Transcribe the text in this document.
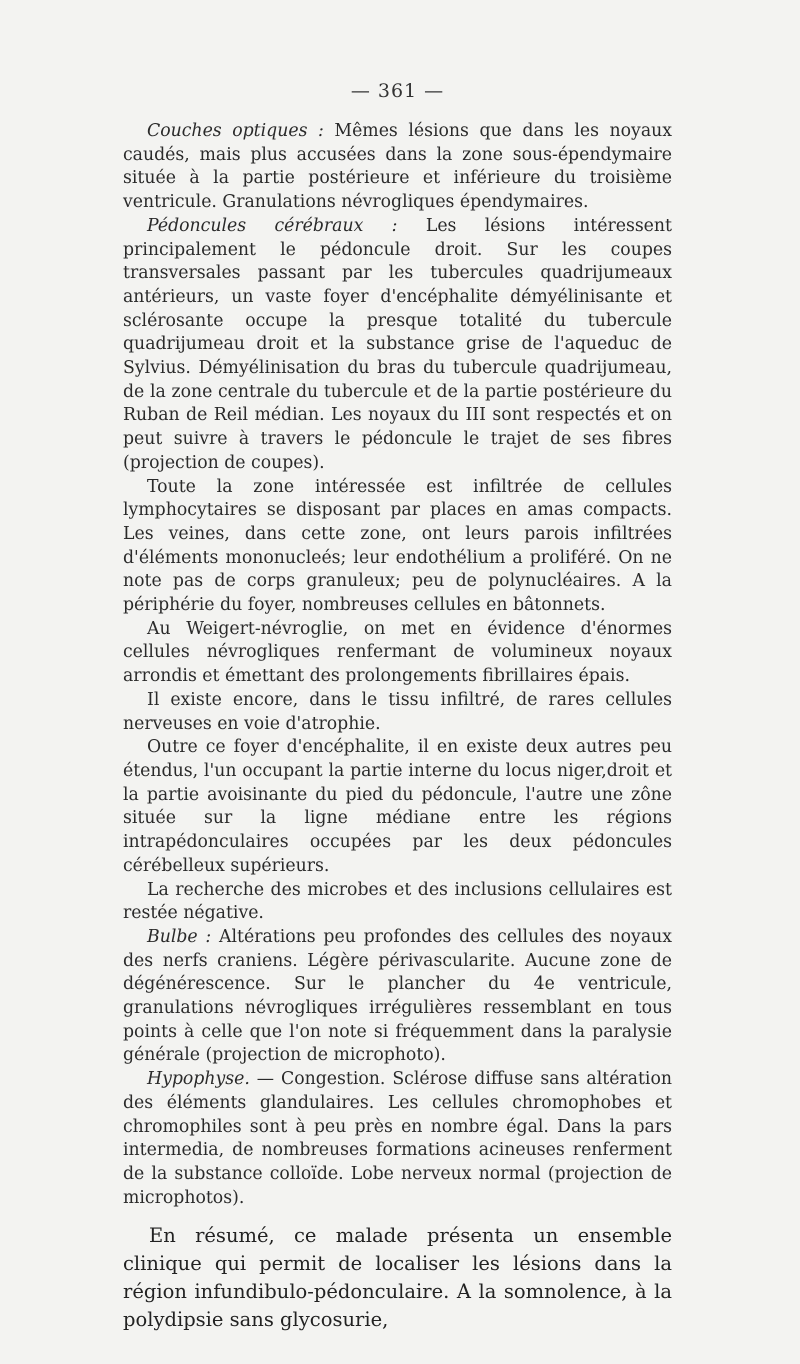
— 361 —

Couches optiques : Mêmes lésions que dans les noyaux caudés, mais plus accusées dans la zone sous-épendymaire située à la partie postérieure et inférieure du troisième ventricule. Granulations névrogliques épendymaires.

Pédoncules cérébraux : Les lésions intéressent principalement le pédoncule droit. Sur les coupes transversales passant par les tubercules quadrijumeaux antérieurs, un vaste foyer d'encéphalite démyélinisante et sclérosante occupe la presque totalité du tubercule quadrijumeau droit et la substance grise de l'aqueduc de Sylvius. Démyélinisation du bras du tubercule quadrijumeau, de la zone centrale du tubercule et de la partie postérieure du Ruban de Reil médian. Les noyaux du III sont respectés et on peut suivre à travers le pédoncule le trajet de ses fibres (projection de coupes).

Toute la zone intéressée est infiltrée de cellules lymphocytaires se disposant par places en amas compacts. Les veines, dans cette zone, ont leurs parois infiltrées d'éléments mononucleés; leur endothélium a proliféré. On ne note pas de corps granuleux; peu de polynucléaires. A la périphérie du foyer, nombreuses cellules en bâtonnets.

Au Weigert-névroglie, on met en évidence d'énormes cellules névrogliques renfermant de volumineux noyaux arrondis et émettant des prolongements fibrillaires épais.

Il existe encore, dans le tissu infiltré, de rares cellules nerveuses en voie d'atrophie.

Outre ce foyer d'encéphalite, il en existe deux autres peu étendus, l'un occupant la partie interne du locus niger,droit et la partie avoisinante du pied du pédoncule, l'autre une zône située sur la ligne médiane entre les régions intrapédonculaires occupées par les deux pédoncules cérébelleux supérieurs.

La recherche des microbes et des inclusions cellulaires est restée négative.

Bulbe : Altérations peu profondes des cellules des noyaux des nerfs craniens. Légère périvascularite. Aucune zone de dégénérescence. Sur le plancher du 4e ventricule, granulations névrogliques irrégulières ressemblant en tous points à celle que l'on note si fréquemment dans la paralysie générale (projection de microphoto).

Hypophyse. — Congestion. Sclérose diffuse sans altération des éléments glandulaires. Les cellules chromophobes et chromophiles sont à peu près en nombre égal. Dans la pars intermedia, de nombreuses formations acineuses renferment de la substance colloïde. Lobe nerveux normal (projection de microphotos).

En résumé, ce malade présenta un ensemble clinique qui permit de localiser les lésions dans la région infundibulo-pédonculaire. A la somnolence, à la polydipsie sans glycosurie,
